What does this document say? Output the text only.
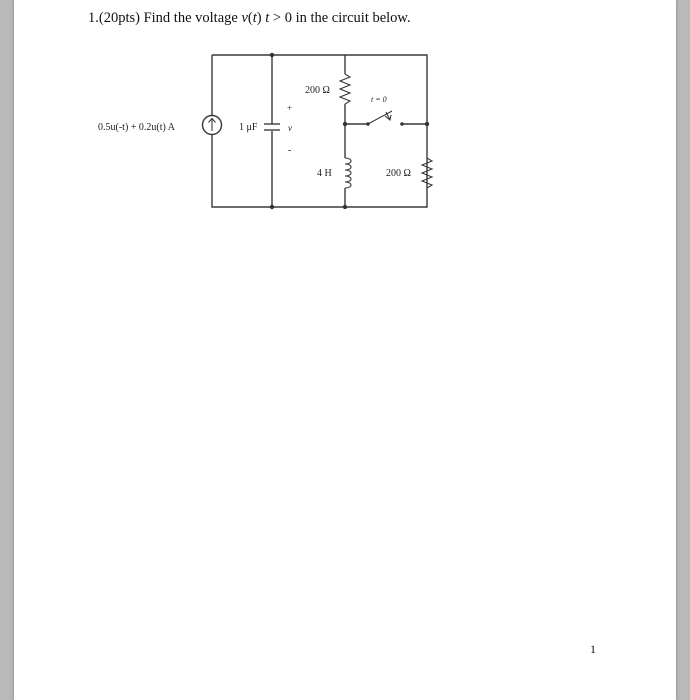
1.(20pts) Find the voltage v(t) t > 0 in the circuit below.
0.5u(-t) + 0.2u(t) A	1 μF
+
v
-
200 Ω
t = 0
4 H	200 Ω
1
